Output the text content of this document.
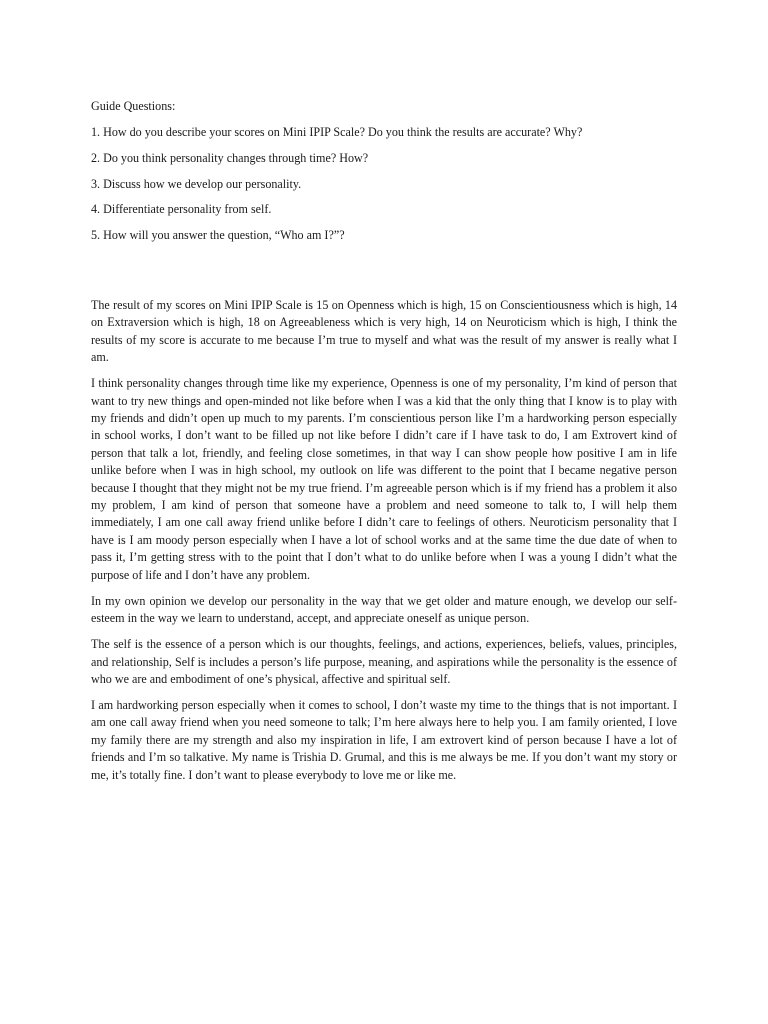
Guide Questions:

1. How do you describe your scores on Mini IPIP Scale? Do you think the results are accurate? Why?
2. Do you think personality changes through time? How?
3. Discuss how we develop our personality.
4. Differentiate personality from self.
5. How will you answer the question, “Who am I?”?

The result of my scores on Mini IPIP Scale is 15 on Openness which is high, 15 on Conscientiousness which is high, 14 on Extraversion which is high, 18 on Agreeableness which is very high, 14 on Neuroticism which is high, I think the results of my score is accurate to me because I’m true to myself and what was the result of my answer is really what I am.

I think personality changes through time like my experience, Openness is one of my personality, I’m kind of person that want to try new things and open-minded not like before when I was a kid that the only thing that I know is to play with my friends and didn’t open up much to my parents. I’m conscientious person like I’m a hardworking person especially in school works, I don’t want to be filled up not like before I didn’t care if I have task to do, I am Extrovert kind of person that talk a lot, friendly, and feeling close sometimes, in that way I can show people how positive I am in life unlike before when I was in high school, my outlook on life was different to the point that I became negative person because I thought that they might not be my true friend. I’m agreeable person which is if my friend has a problem it also my problem, I am kind of person that someone have a problem and need someone to talk to, I will help them immediately, I am one call away friend unlike before I didn’t care to feelings of others. Neuroticism personality that I have is I am moody person especially when I have a lot of school works and at the same time the due date of when to pass it, I’m getting stress with to the point that I don’t what to do unlike before when I was a young I didn’t what the purpose of life and I don’t have any problem.

In my own opinion we develop our personality in the way that we get older and mature enough, we develop our self-esteem in the way we learn to understand, accept, and appreciate oneself as unique person.

The self is the essence of a person which is our thoughts, feelings, and actions, experiences, beliefs, values, principles, and relationship, Self is includes a person’s life purpose, meaning, and aspirations while the personality is the essence of who we are and embodiment of one’s physical, affective and spiritual self.

I am hardworking person especially when it comes to school, I don’t waste my time to the things that is not important. I am one call away friend when you need someone to talk; I’m here always here to help you. I am family oriented, I love my family there are my strength and also my inspiration in life, I am extrovert kind of person because I have a lot of friends and I’m so talkative. My name is Trishia D. Grumal, and this is me always be me. If you don’t want my story or me, it’s totally fine. I don’t want to please everybody to love me or like me.
